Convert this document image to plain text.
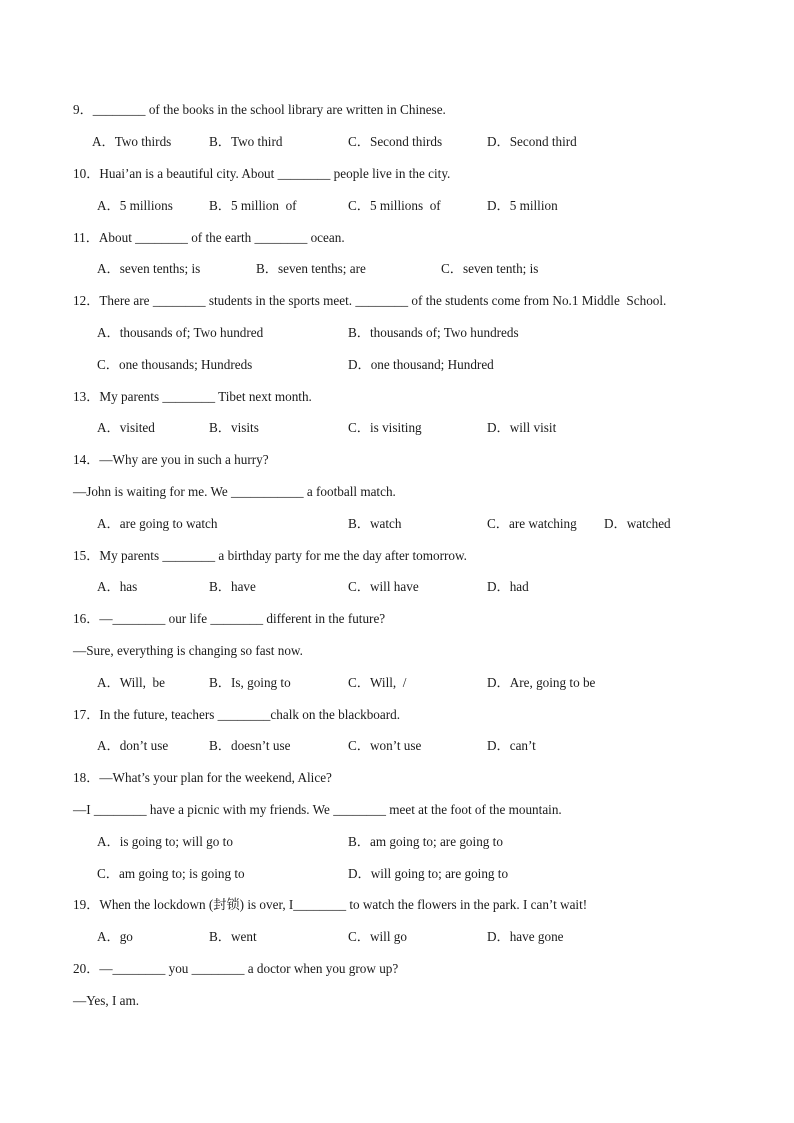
9．________ of the books in the school library are written in Chinese.
A．Two thirds	B．Two third	C．Second thirds	D．Second third
10．Huai’an is a beautiful city. About ________ people live in the city.
A．5 millions	B．5 million  of	C．5 millions  of	D．5 million
11．About ________ of the earth ________ ocean.
A．seven tenths; is	B．seven tenths; are	C．seven tenth; is
12．There are ________ students in the sports meet. ________ of the students come from No.1 Middle  School.
A．thousands of; Two hundred	B．thousands of; Two hundreds
C．one thousands; Hundreds	D．one thousand; Hundred
13．My parents ________ Tibet next month.
A．visited	B．visits	C．is visiting	D．will visit
14．—Why are you in such a hurry?
—John is waiting for me. We ___________ a football match.
A．are going to watch	B．watch	C．are watching D．watched
15．My parents ________ a birthday party for me the day after tomorrow.
A．has	B．have	C．will have	D．had
16．—________ our life ________ different in the future?
—Sure, everything is changing so fast now.
A．Will,  be	B．Is, going to	C．Will,  /	D．Are, going to be
17．In the future, teachers ________chalk on the blackboard.
A．don’t use	B．doesn’t use	C．won’t use	D．can’t
18．—What’s your plan for the weekend, Alice?
—I ________ have a picnic with my friends. We ________ meet at the foot of the mountain.
A．is going to; will go to	B．am going to; are going to
C．am going to; is going to	D．will going to; are going to
19．When the lockdown (封锁) is over, I________ to watch the flowers in the park. I can’t wait!
A．go	B．went	C．will go	D．have gone
20．—________ you ________ a doctor when you grow up?
—Yes, I am.
